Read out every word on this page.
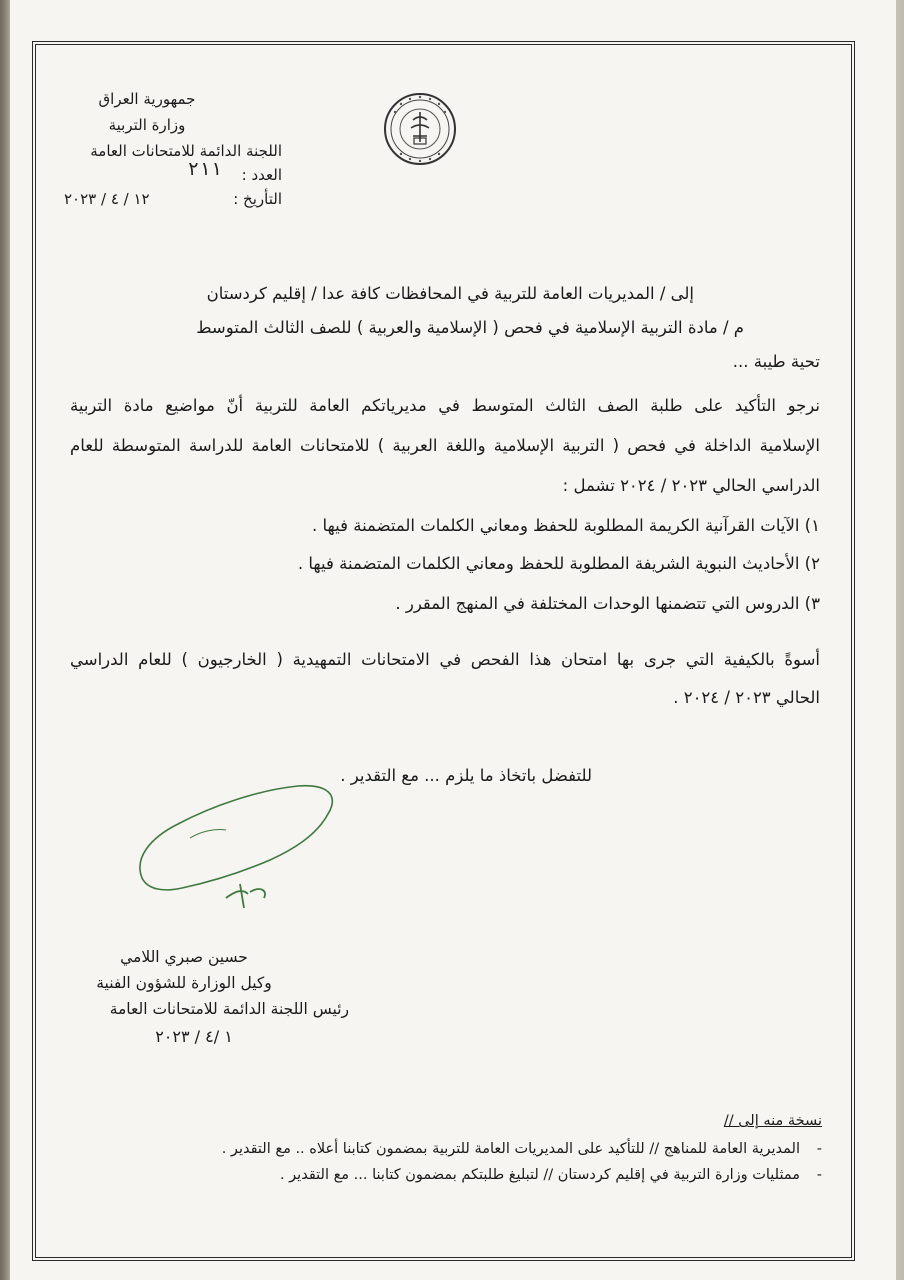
جمهورية العراق
وزارة التربية
اللجنة الدائمة للامتحانات العامة
العدد :
٢١١
التأريخ :
١٢ / ٤ / ٢٠٢٣
إلى / المديريات العامة للتربية في المحافظات كافة عدا / إقليم كردستان
م / مادة التربية الإسلامية في فحص ( الإسلامية والعربية ) للصف الثالث المتوسط
تحية طيبة ...
نرجو التأكيد على طلبة الصف الثالث المتوسط في مديرياتكم العامة للتربية أنّ مواضيع مادة التربية
الإسلامية الداخلة في فحص ( التربية الإسلامية واللغة العربية ) للامتحانات العامة للدراسة المتوسطة للعام
الدراسي الحالي ٢٠٢٣ / ٢٠٢٤ تشمل :
١) الآيات القرآنية الكريمة المطلوبة للحفظ ومعاني الكلمات المتضمنة فيها .
٢) الأحاديث النبوية الشريفة المطلوبة للحفظ ومعاني الكلمات المتضمنة فيها .
٣) الدروس التي تتضمنها الوحدات المختلفة في المنهج المقرر .
أسوةً بالكيفية التي جرى بها امتحان هذا الفحص في الامتحانات التمهيدية ( الخارجيون ) للعام الدراسي
الحالي ٢٠٢٣ / ٢٠٢٤ .
للتفضل باتخاذ ما يلزم ... مع التقدير .
حسين صبري اللامي
وكيل الوزارة للشؤون الفنية
رئيس اللجنة الدائمة للامتحانات العامة
١ /٤ / ٢٠٢٣
نسخة منه إلى //
-
المديرية العامة للمناهج // للتأكيد على المديريات العامة للتربية بمضمون كتابنا أعلاه .. مع التقدير .
-
ممثليات وزارة التربية في إقليم كردستان // لتبليغ طلبتكم بمضمون كتابنا ... مع التقدير .
